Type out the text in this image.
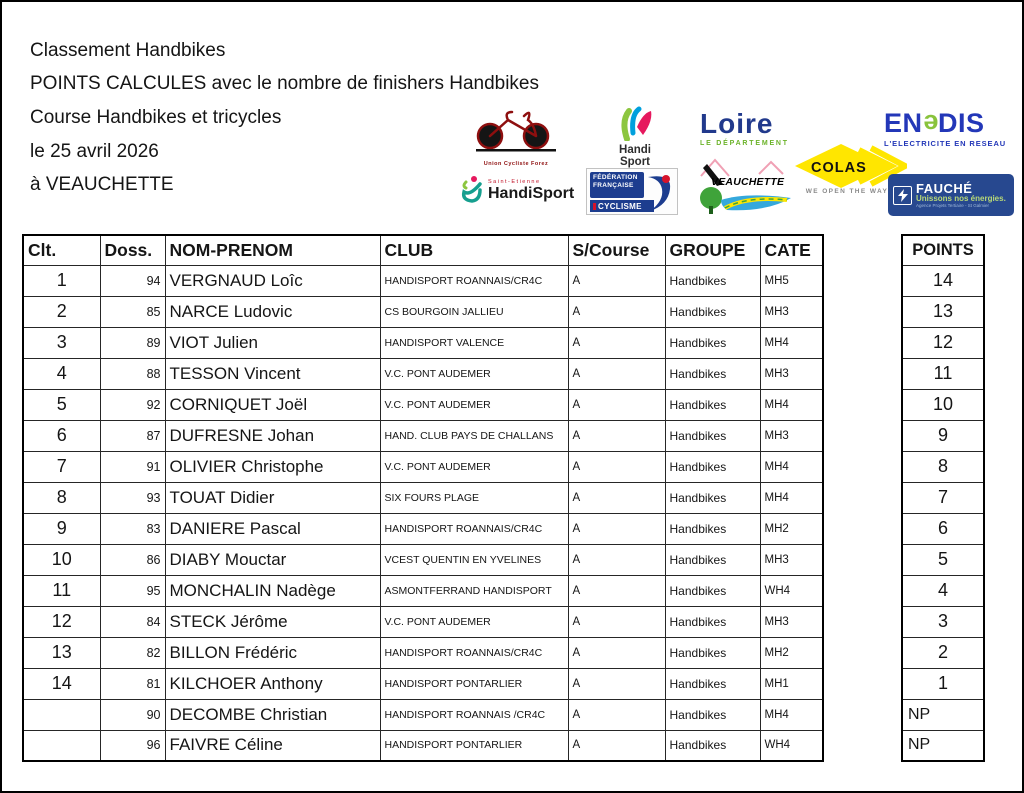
Classement Handbikes
POINTS CALCULES avec le nombre de finishers Handbikes
Course Handbikes et tricycles
le 25 avril 2026
à VEAUCHETTE
Union Cycliste Forez
Saint-Etienne
HandiSport
Handi
Sport
FÉDÉRATION
FRANÇAISE
CYCLISME
Loire
LE DÉPARTEMENT
VEAUCHETTE
COLAS
WE OPEN THE WAY
ENeDIS
L'ELECTRICITE EN RESEAU
FAUCHÉ
Unissons nos énergies.
Agence Projets Tertiaire - St Galmier
Clt.	Doss.	NOM-PRENOM	CLUB	S/Course	GROUPE	CATE
1	94	VERGNAUD Loîc	HANDISPORT ROANNAIS/CR4C	A	Handbikes	MH5
2	85	NARCE Ludovic	CS BOURGOIN JALLIEU	A	Handbikes	MH3
3	89	VIOT Julien	HANDISPORT VALENCE	A	Handbikes	MH4
4	88	TESSON Vincent	V.C. PONT AUDEMER	A	Handbikes	MH3
5	92	CORNIQUET Joël	V.C. PONT AUDEMER	A	Handbikes	MH4
6	87	DUFRESNE Johan	HAND. CLUB PAYS DE CHALLANS	A	Handbikes	MH3
7	91	OLIVIER Christophe	V.C. PONT AUDEMER	A	Handbikes	MH4
8	93	TOUAT Didier	SIX FOURS PLAGE	A	Handbikes	MH4
9	83	DANIERE Pascal	HANDISPORT ROANNAIS/CR4C	A	Handbikes	MH2
10	86	DIABY Mouctar	VCEST QUENTIN EN YVELINES	A	Handbikes	MH3
11	95	MONCHALIN Nadège	ASMONTFERRAND HANDISPORT	A	Handbikes	WH4
12	84	STECK Jérôme	V.C. PONT AUDEMER	A	Handbikes	MH3
13	82	BILLON Frédéric	HANDISPORT ROANNAIS/CR4C	A	Handbikes	MH2
14	81	KILCHOER Anthony	HANDISPORT PONTARLIER	A	Handbikes	MH1
	90	DECOMBE Christian	HANDISPORT ROANNAIS /CR4C	A	Handbikes	MH4
	96	FAIVRE Céline	HANDISPORT PONTARLIER	A	Handbikes	WH4
POINTS
14
13
12
11
10
9
8
7
6
5
4
3
2
1
NP
NP
